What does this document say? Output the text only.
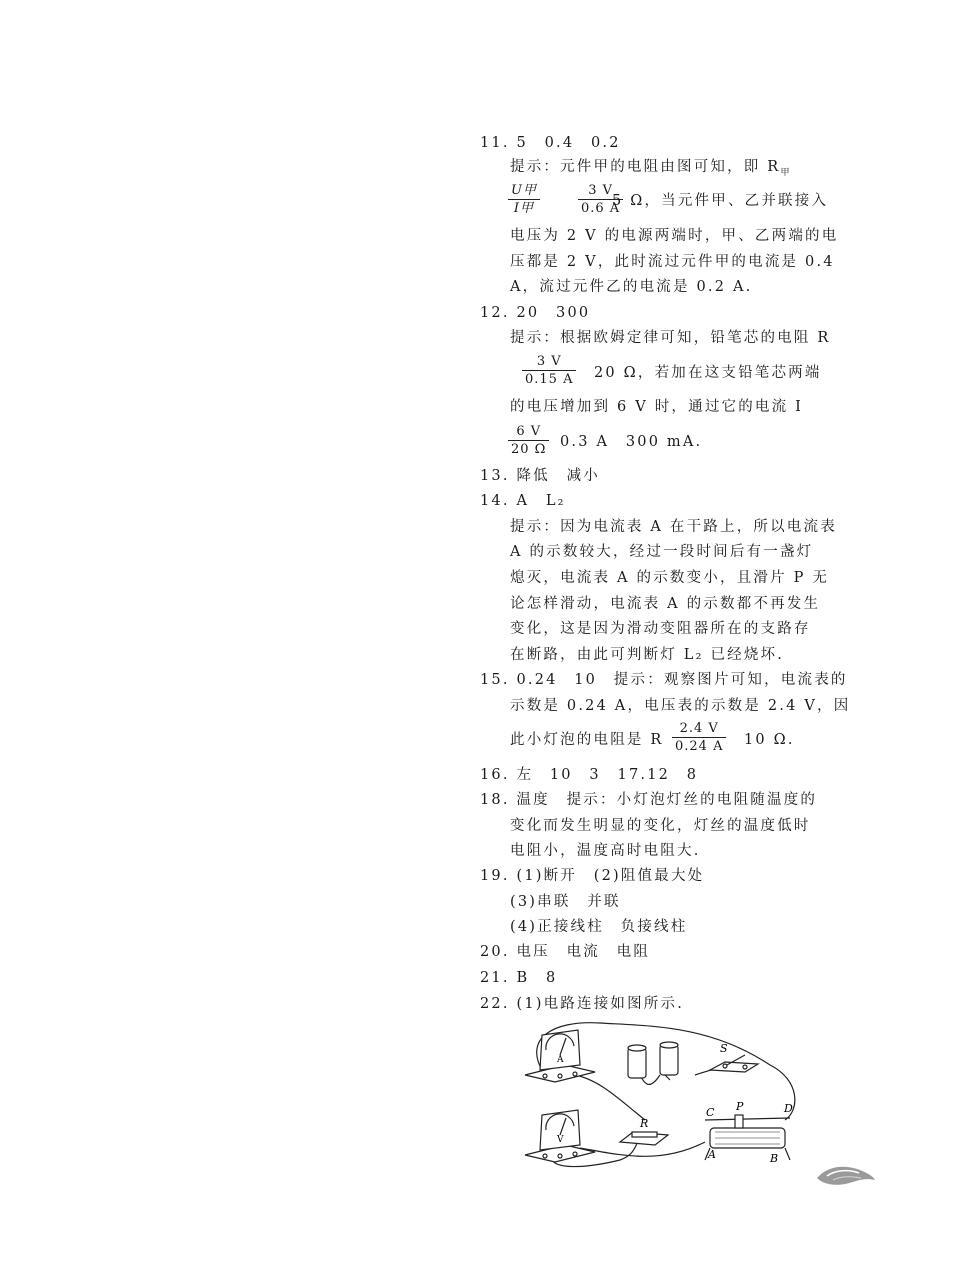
11. 5　0.4　0.2
提示：元件甲的电阻由图可知，即 $R_甲$
U甲
I甲
3 V
0.6 A
5 Ω，当元件甲、乙并联接入
电压为 2 V 的电源两端时，甲、乙两端的电
压都是 2 V，此时流过元件甲的电流是 0.4
A，流过元件乙的电流是 0.2 A.
12. 20　300
提示：根据欧姆定律可知，铅笔芯的电阻 R
3 V
0.15 A 20 Ω，若加在这支铅笔芯两端
的电压增加到 6 V 时，通过它的电流 I
6 V
20 Ω 0.3 A　300 mA.
13. 降低　减小
14. A　L₂
提示：因为电流表 A 在干路上，所以电流表
A 的示数较大，经过一段时间后有一盏灯
熄灭，电流表 A 的示数变小，且滑片 P 无
论怎样滑动，电流表 A 的示数都不再发生
变化，这是因为滑动变阻器所在的支路存
在断路，由此可判断灯 L₂ 已经烧坏.
15. 0.24　10　提示：观察图片可知，电流表的
示数是 0.24 A，电压表的示数是 2.4 V，因
此小灯泡的电阻是 R
2.4 V
0.24 A 10 Ω.
16. 左　10　3　17.12　8
18. 温度　提示：小灯泡灯丝的电阻随温度的
变化而发生明显的变化，灯丝的温度低时
电阻小，温度高时电阻大.
19. (1)断开　(2)阻值最大处
(3)串联　并联
(4)正接线柱　负接线柱
20. 电压　电流　电阻
21. B　8
22. (1)电路连接如图所示.
A
S
V
R
C P	D
A	B
